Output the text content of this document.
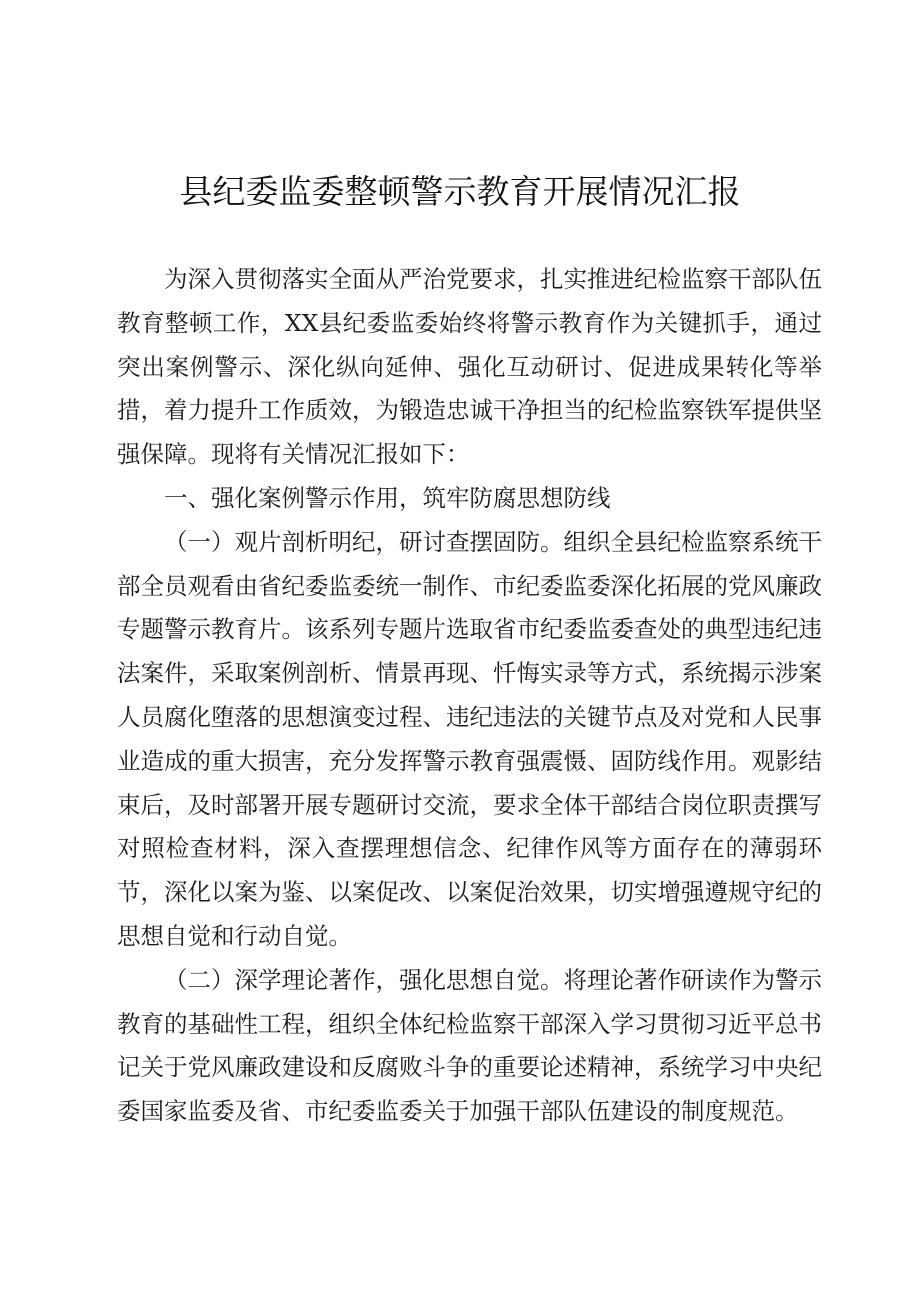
县纪委监委整顿警示教育开展情况汇报

为深入贯彻落实全面从严治党要求，扎实推进纪检监察干部队伍教育整顿工作，XX县纪委监委始终将警示教育作为关键抓手，通过突出案例警示、深化纵向延伸、强化互动研讨、促进成果转化等举措，着力提升工作质效，为锻造忠诚干净担当的纪检监察铁军提供坚强保障。现将有关情况汇报如下：

一、强化案例警示作用，筑牢防腐思想防线

（一）观片剖析明纪，研讨查摆固防。组织全县纪检监察系统干部全员观看由省纪委监委统一制作、市纪委监委深化拓展的党风廉政专题警示教育片。该系列专题片选取省市纪委监委查处的典型违纪违法案件，采取案例剖析、情景再现、忏悔实录等方式，系统揭示涉案人员腐化堕落的思想演变过程、违纪违法的关键节点及对党和人民事业造成的重大损害，充分发挥警示教育强震慑、固防线作用。观影结束后，及时部署开展专题研讨交流，要求全体干部结合岗位职责撰写对照检查材料，深入查摆理想信念、纪律作风等方面存在的薄弱环节，深化以案为鉴、以案促改、以案促治效果，切实增强遵规守纪的思想自觉和行动自觉。

（二）深学理论著作，强化思想自觉。将理论著作研读作为警示教育的基础性工程，组织全体纪检监察干部深入学习贯彻习近平总书记关于党风廉政建设和反腐败斗争的重要论述精神，系统学习中央纪委国家监委及省、市纪委监委关于加强干部队伍建设的制度规范。
